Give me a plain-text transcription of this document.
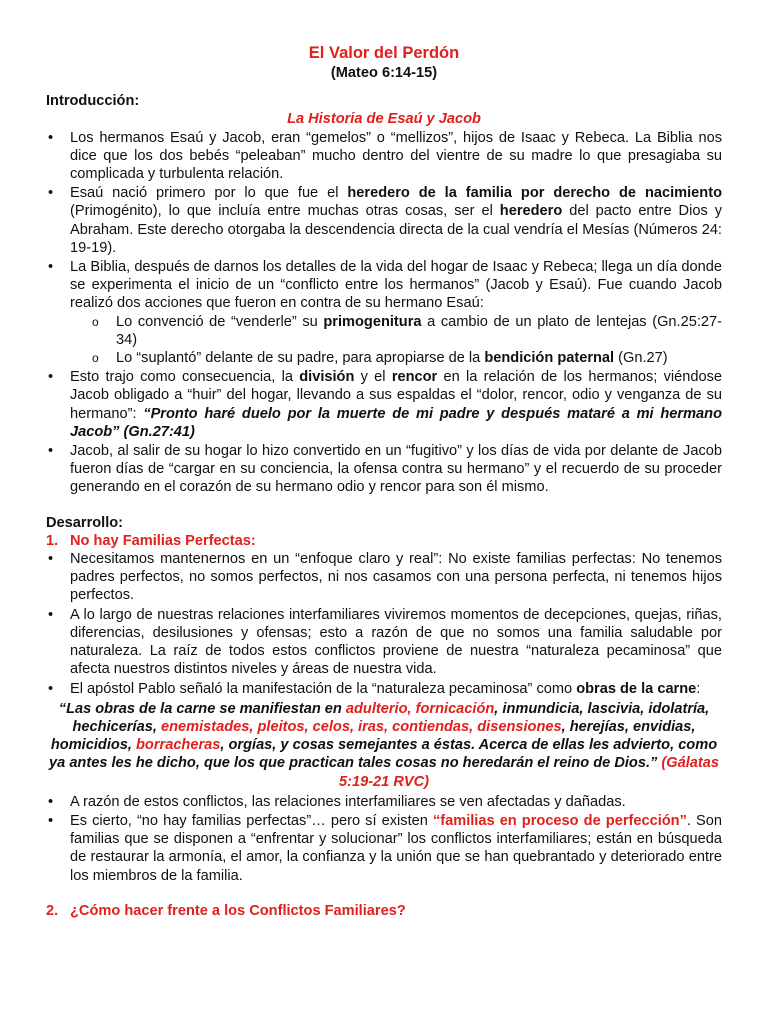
El Valor del Perdón

(Mateo 6:14-15)

Introducción:

La Historia de Esaú y Jacob

• Los hermanos Esaú y Jacob, eran “gemelos” o “mellizos”, hijos de Isaac y Rebeca. La Biblia nos dice que los dos bebés “peleaban” mucho dentro del vientre de su madre lo que presagiaba su complicada y turbulenta relación.
• Esaú nació primero por lo que fue el heredero de la familia por derecho de nacimiento (Primogénito), lo que incluía entre muchas otras cosas, ser el heredero del pacto entre Dios y Abraham. Este derecho otorgaba la descendencia directa de la cual vendría el Mesías (Números 24: 19-19).
• La Biblia, después de darnos los detalles de la vida del hogar de Isaac y Rebeca; llega un día donde se experimenta el inicio de un “conflicto entre los hermanos” (Jacob y Esaú). Fue cuando Jacob realizó dos acciones que fueron en contra de su hermano Esaú:
o Lo convenció de “venderle” su primogenitura a cambio de un plato de lentejas (Gn.25:27-34)
o Lo “suplantó” delante de su padre, para apropiarse de la bendición paternal (Gn.27)
• Esto trajo como consecuencia, la división y el rencor en la relación de los hermanos; viéndose Jacob obligado a “huir” del hogar, llevando a sus espaldas el “dolor, rencor, odio y venganza de su hermano”: “Pronto haré duelo por la muerte de mi padre y después mataré a mi hermano Jacob” (Gn.27:41)
• Jacob, al salir de su hogar lo hizo convertido en un “fugitivo” y los días de vida por delante de Jacob fueron días de “cargar en su conciencia, la ofensa contra su hermano” y el recuerdo de su proceder generando en el corazón de su hermano odio y rencor para son él mismo.

Desarrollo:

1. No hay Familias Perfectas:

• Necesitamos mantenernos en un “enfoque claro y real”: No existe familias perfectas: No tenemos padres perfectos, no somos perfectos, ni nos casamos con una persona perfecta, ni tenemos hijos perfectos.
• A lo largo de nuestras relaciones interfamiliares viviremos momentos de decepciones, quejas, riñas, diferencias, desilusiones y ofensas; esto a razón de que no somos una familia saludable por naturaleza. La raíz de todos estos conflictos proviene de nuestra “naturaleza pecaminosa” que afecta nuestros distintos niveles y áreas de nuestra vida.
• El apóstol Pablo señaló la manifestación de la “naturaleza pecaminosa” como obras de la carne:

“Las obras de la carne se manifiestan en adulterio, fornicación, inmundicia, lascivia, idolatría, hechicerías, enemistades, pleitos, celos, iras, contiendas, disensiones, herejías, envidias, homicidios, borracheras, orgías, y cosas semejantes a éstas. Acerca de ellas les advierto, como ya antes les he dicho, que los que practican tales cosas no heredarán el reino de Dios.” (Gálatas 5:19-21 RVC)

• A razón de estos conflictos, las relaciones interfamiliares se ven afectadas y dañadas.
• Es cierto, “no hay familias perfectas”… pero sí existen “familias en proceso de perfección”. Son familias que se disponen a “enfrentar y solucionar” los conflictos interfamiliares; están en búsqueda de restaurar la armonía, el amor, la confianza y la unión que se han quebrantado y deteriorado entre los miembros de la familia.

2. ¿Cómo hacer frente a los Conflictos Familiares?
